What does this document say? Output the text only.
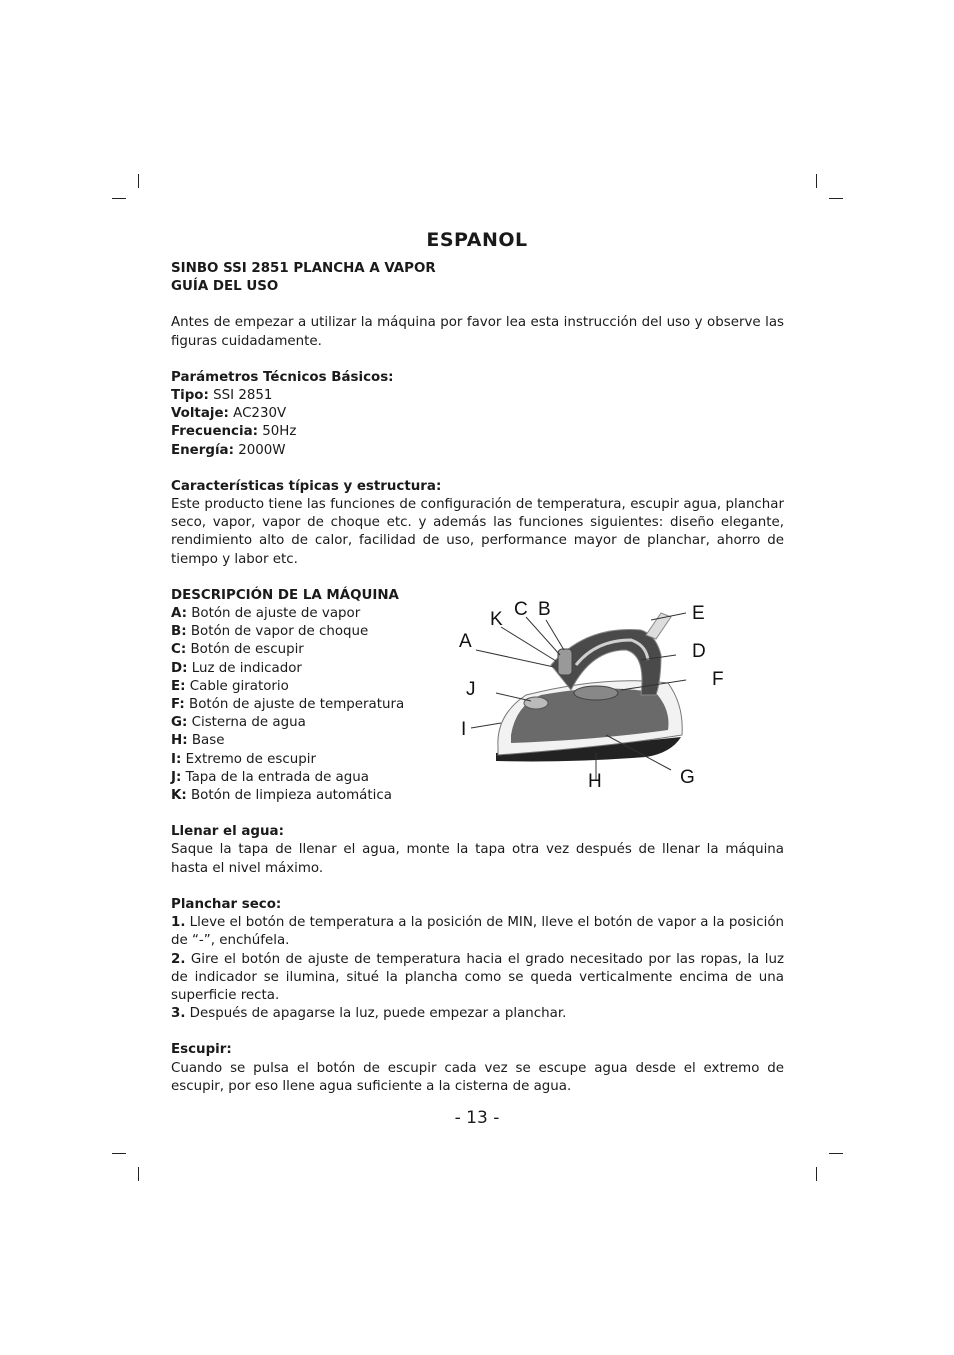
ESPANOL

SINBO SSI 2851 PLANCHA A VAPOR

GUÍA DEL USO

Antes de empezar a utilizar la máquina por favor lea esta instrucción del uso y observe las figuras cuidadamente.

Parámetros Técnicos Básicos:

Tipo: SSI 2851

Voltaje: AC230V

Frecuencia: 50Hz

Energía: 2000W

Características típicas y estructura:

Este producto tiene las funciones de configuración de temperatura, escupir agua, planchar seco, vapor, vapor de choque etc. y además las funciones siguientes: diseño elegante, rendimiento alto de calor, facilidad de uso, performance mayor de planchar, ahorro de tiempo y labor etc.

DESCRIPCIÓN DE LA MÁQUINA

A: Botón de ajuste de vapor

B: Botón de vapor de choque

C: Botón de escupir

D: Luz de indicador

E: Cable giratorio

F: Botón de ajuste de temperatura

G: Cisterna de agua

H: Base

I: Extremo de escupir

J: Tapa de la entrada de agua

K: Botón de limpieza automática

A
K C B	E
D
F
J
I
G
H

Llenar el agua:

Saque la tapa de llenar el agua, monte la tapa otra vez después de llenar la máquina hasta el nivel máximo.

Planchar seco:

1. Lleve el botón de temperatura a la posición de MIN, lleve el botón de vapor a la posición de “-”, enchúfela.

2. Gire el botón de ajuste de temperatura hacia el grado necesitado por las ropas, la luz de indicador se ilumina, situé la plancha como se queda verticalmente encima de una superficie recta.

3. Después de apagarse la luz, puede empezar a planchar.

Escupir:

Cuando se pulsa el botón de escupir cada vez se escupe agua desde el extremo de escupir, por eso llene agua suficiente a la cisterna de agua.

- 13 -
